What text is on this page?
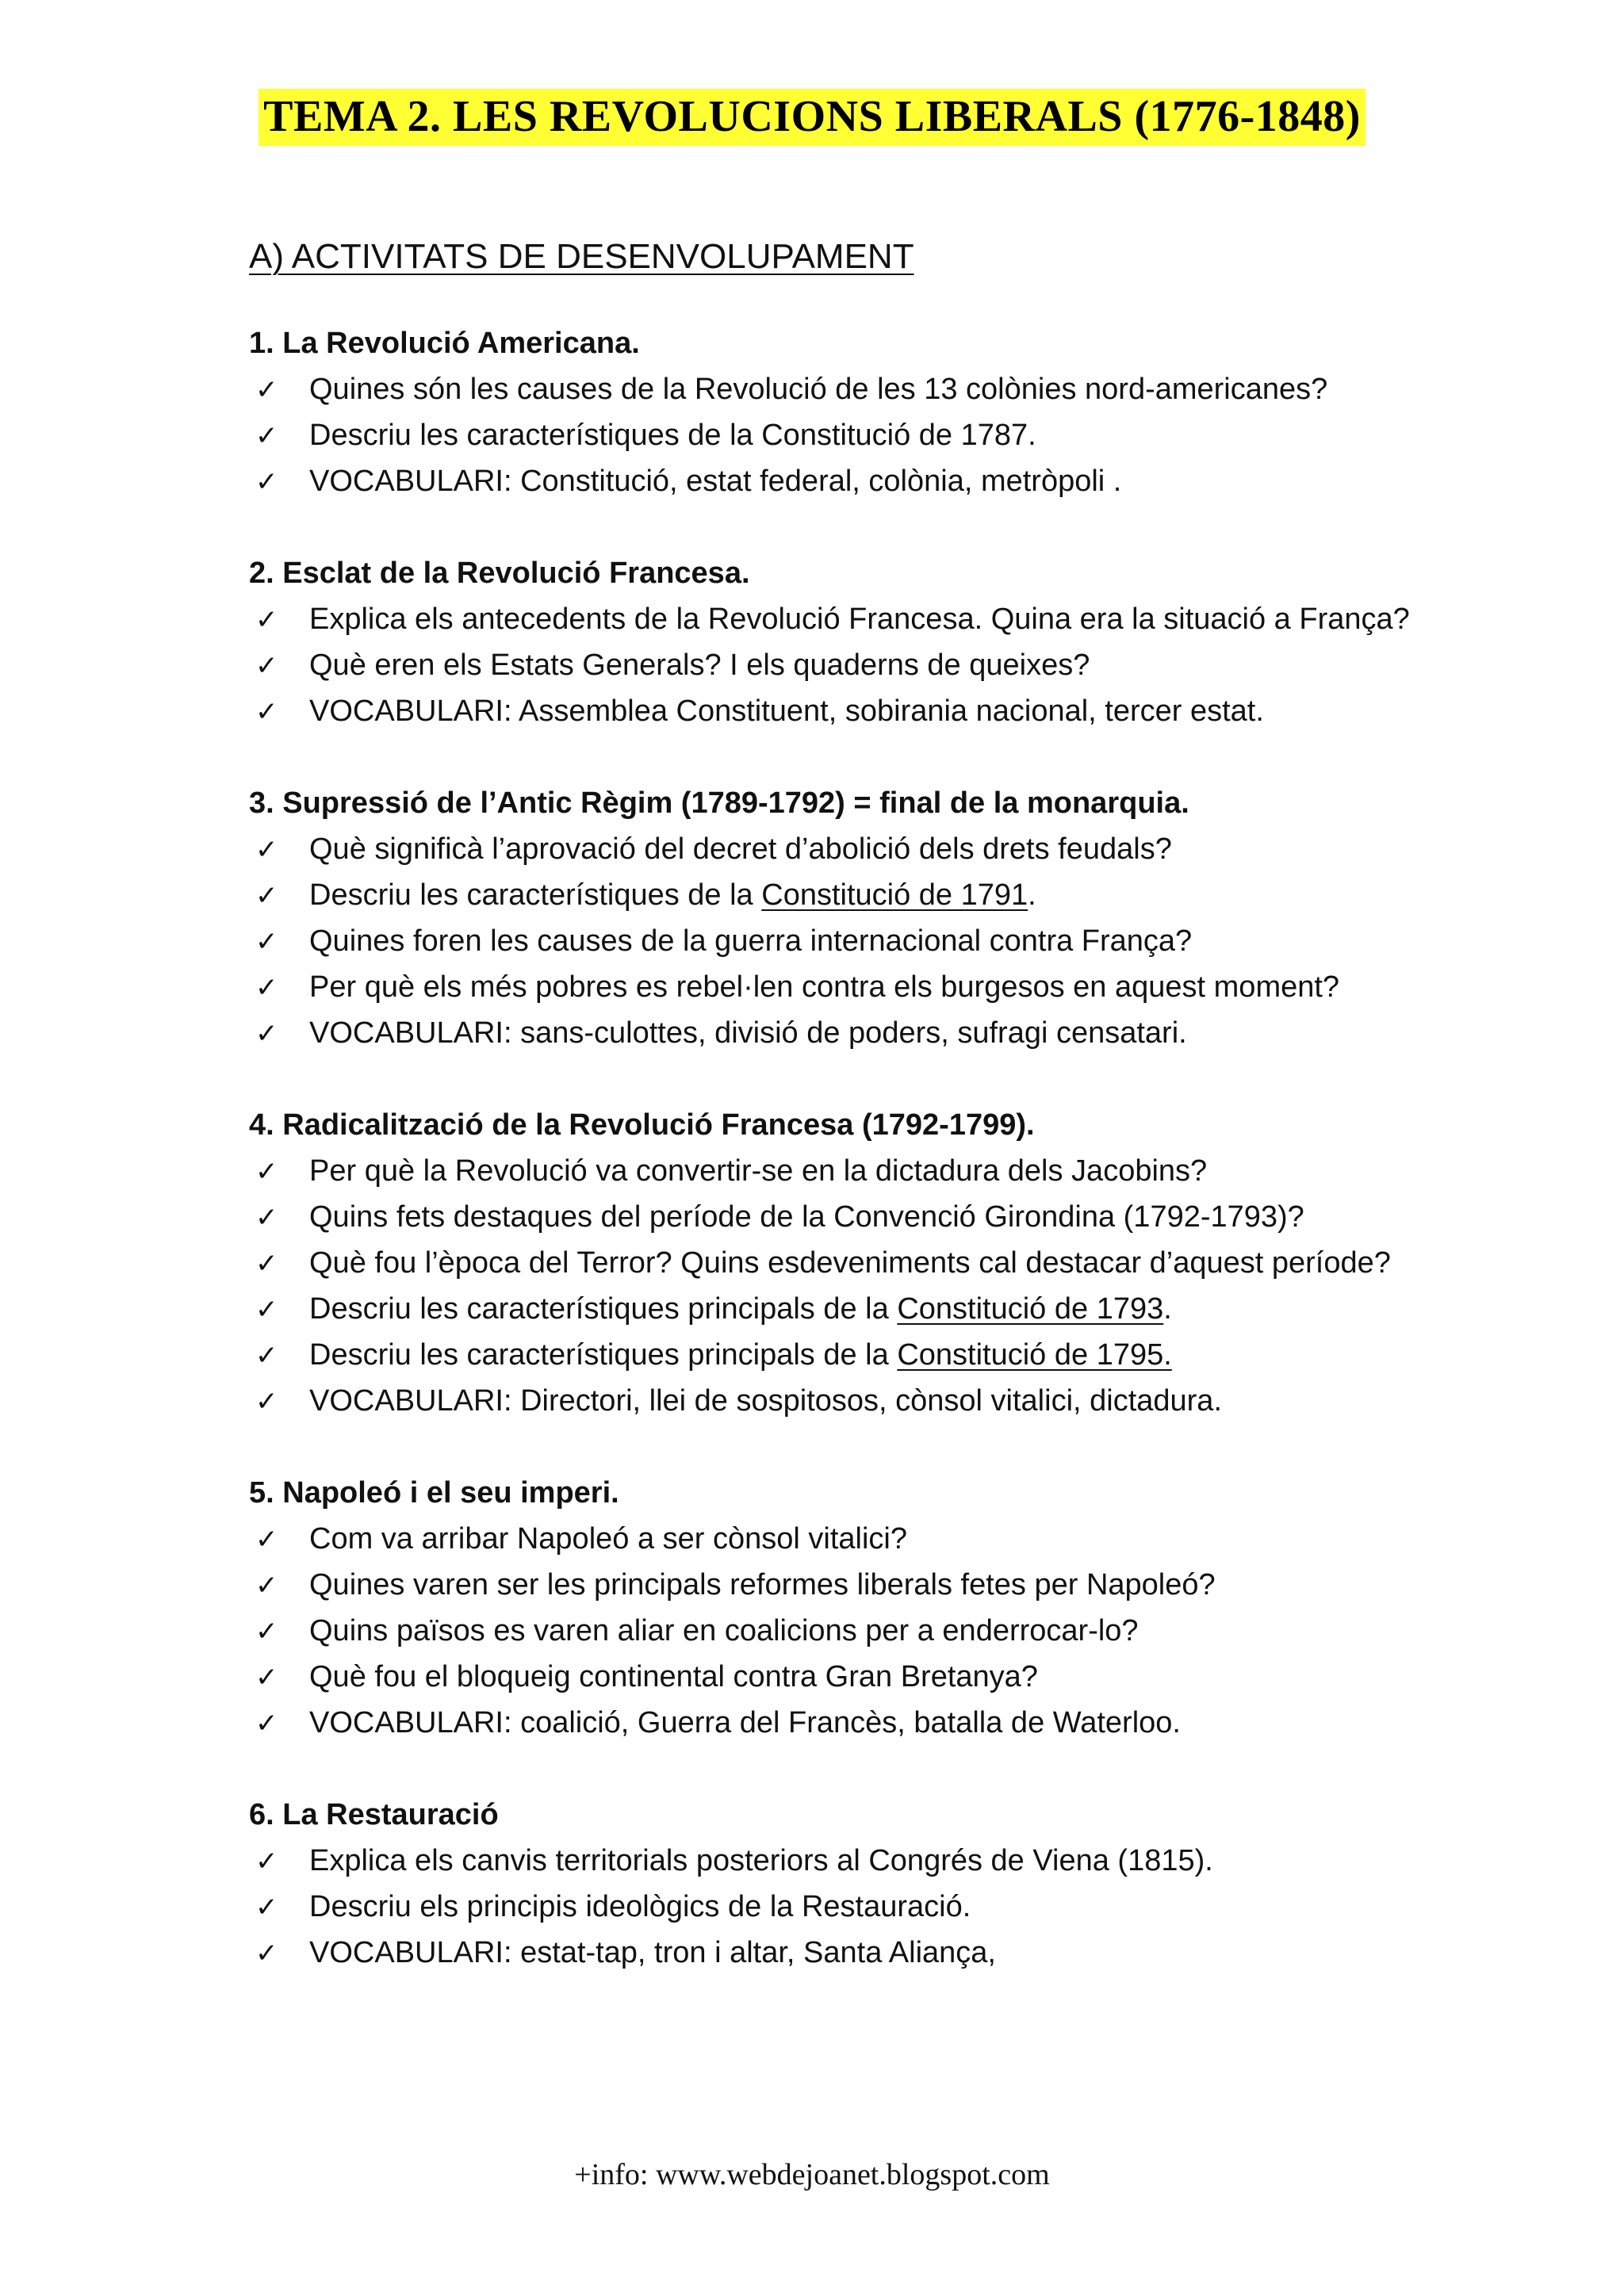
TEMA 2. LES REVOLUCIONS LIBERALS (1776-1848)
A) ACTIVITATS DE DESENVOLUPAMENT
1. La Revolució Americana.
✓	Quines són les causes de la Revolució de les 13 colònies nord-americanes?
✓	Descriu les característiques de la Constitució de 1787.
✓	VOCABULARI: Constitució, estat federal, colònia, metròpoli .
2. Esclat de la Revolució Francesa.
✓	Explica els antecedents de la Revolució Francesa. Quina era la situació a França?
✓	Què eren els Estats Generals? I els quaderns de queixes?
✓	VOCABULARI: Assemblea Constituent, sobirania nacional, tercer estat.
3. Supressió de l’Antic Règim (1789-1792) = final de la monarquia.
✓	Què significà l’aprovació del decret d’abolició dels drets feudals?
✓	Descriu les característiques de la Constitució de 1791.
✓	Quines foren les causes de la guerra internacional contra França?
✓	Per què els més pobres es rebel·len contra els burgesos en aquest moment?
✓	VOCABULARI: sans-culottes, divisió de poders, sufragi censatari.
4. Radicalització de la Revolució Francesa (1792-1799).
✓	Per què la Revolució va convertir-se en la dictadura dels Jacobins?
✓	Quins fets destaques del període de la Convenció Girondina (1792-1793)?
✓	Què fou l’època del Terror? Quins esdeveniments cal destacar d’aquest període?
✓	Descriu les característiques principals de la Constitució de 1793.
✓	Descriu les característiques principals de la Constitució de 1795.
✓	VOCABULARI: Directori, llei de sospitosos, cònsol vitalici, dictadura.
5. Napoleó i el seu imperi.
✓	Com va arribar Napoleó a ser cònsol vitalici?
✓	Quines varen ser les principals reformes liberals fetes per Napoleó?
✓	Quins països es varen aliar en coalicions per a enderrocar-lo?
✓	Què fou el bloqueig continental contra Gran Bretanya?
✓	VOCABULARI: coalició, Guerra del Francès, batalla de Waterloo.
6. La Restauració
✓	Explica els canvis territorials posteriors al Congrés de Viena (1815).
✓	Descriu els principis ideològics de la Restauració.
✓	VOCABULARI: estat-tap, tron i altar, Santa Aliança,
+info: www.webdejoanet.blogspot.com
